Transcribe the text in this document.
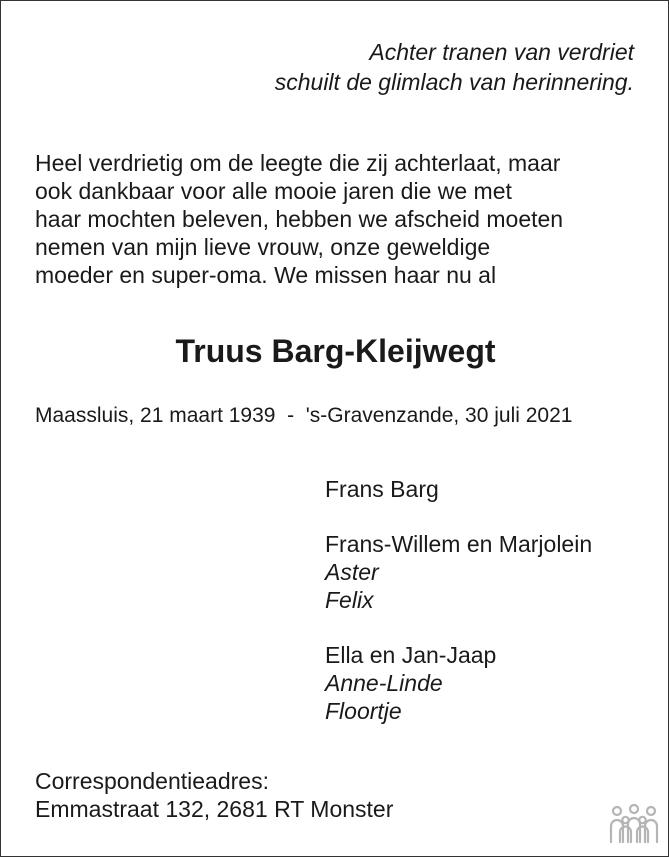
Achter tranen van verdriet
schuilt de glimlach van herinnering.
Heel verdrietig om de leegte die zij achterlaat, maar
ook dankbaar voor alle mooie jaren die we met
haar mochten beleven, hebben we afscheid moeten
nemen van mijn lieve vrouw, onze geweldige
moeder en super-oma. We missen haar nu al
Truus Barg-Kleijwegt
Maassluis, 21 maart 1939  -  's-Gravenzande, 30 juli 2021
Frans Barg
Frans-Willem en Marjolein
Aster
Felix
Ella en Jan-Jaap
Anne-Linde
Floortje
Correspondentieadres:
Emmastraat 132, 2681 RT Monster
